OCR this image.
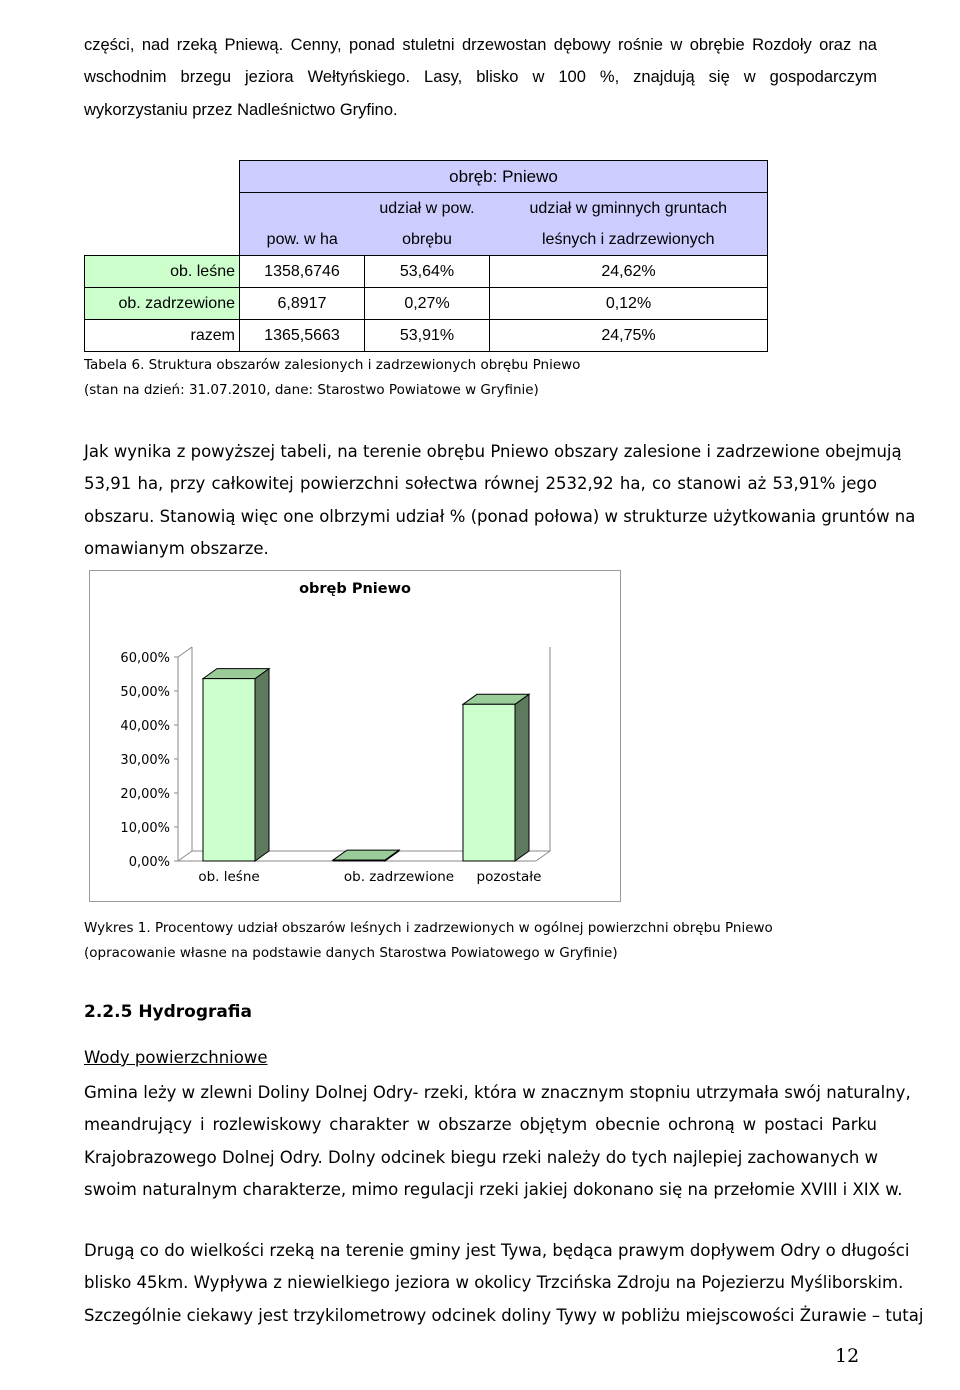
części, nad rzeką Pniewą. Cenny, ponad stuletni drzewostan dębowy rośnie w obrębie Rozdoły oraz na
wschodnim brzegu jeziora Wełtyńskiego. Lasy, blisko w 100 %, znajdują się w gospodarczym
wykorzystaniu przez Nadleśnictwo Gryfino.
	obręb: Pniewo		
		udział w pow.	udział w gminnych gruntach
	pow. w ha	obrębu	leśnych i zadrzewionych
ob. leśne	1358,6746	53,64%	24,62%
ob. zadrzewione	6,8917	0,27%	0,12%
razem	1365,5663	53,91%	24,75%
Tabela 6. Struktura obszarów zalesionych i zadrzewionych obrębu Pniewo
(stan na dzień: 31.07.2010, dane: Starostwo Powiatowe w Gryfinie)
Jak wynika z powyższej tabeli, na terenie obrębu Pniewo obszary zalesione i zadrzewione obejmują
53,91 ha, przy całkowitej powierzchni sołectwa równej 2532,92 ha, co stanowi aż 53,91% jego
obszaru. Stanowią więc one olbrzymi udział % (ponad połowa) w strukturze użytkowania gruntów na
omawianym obszarze.
obręb Pniewo
0,00%
10,00%
20,00%
30,00%
40,00%
50,00%
60,00%
ob. leśne	ob. zadrzewione pozostałe
Wykres 1. Procentowy udział obszarów leśnych i zadrzewionych w ogólnej powierzchni obrębu Pniewo
(opracowanie własne na podstawie danych Starostwa Powiatowego w Gryfinie)
2.2.5 Hydrografia
Wody powierzchniowe
Gmina leży w zlewni Doliny Dolnej Odry- rzeki, która w znacznym stopniu utrzymała swój naturalny,
meandrujący i rozlewiskowy charakter w obszarze objętym obecnie ochroną w postaci Parku
Krajobrazowego Dolnej Odry. Dolny odcinek biegu rzeki należy do tych najlepiej zachowanych w
swoim naturalnym charakterze, mimo regulacji rzeki jakiej dokonano się na przełomie XVIII i XIX w.
Drugą co do wielkości rzeką na terenie gminy jest Tywa, będąca prawym dopływem Odry o długości
blisko 45km. Wypływa z niewielkiego jeziora w okolicy Trzcińska Zdroju na Pojezierzu Myśliborskim.
Szczególnie ciekawy jest trzykilometrowy odcinek doliny Tywy w pobliżu miejscowości Żurawie – tutaj
12
